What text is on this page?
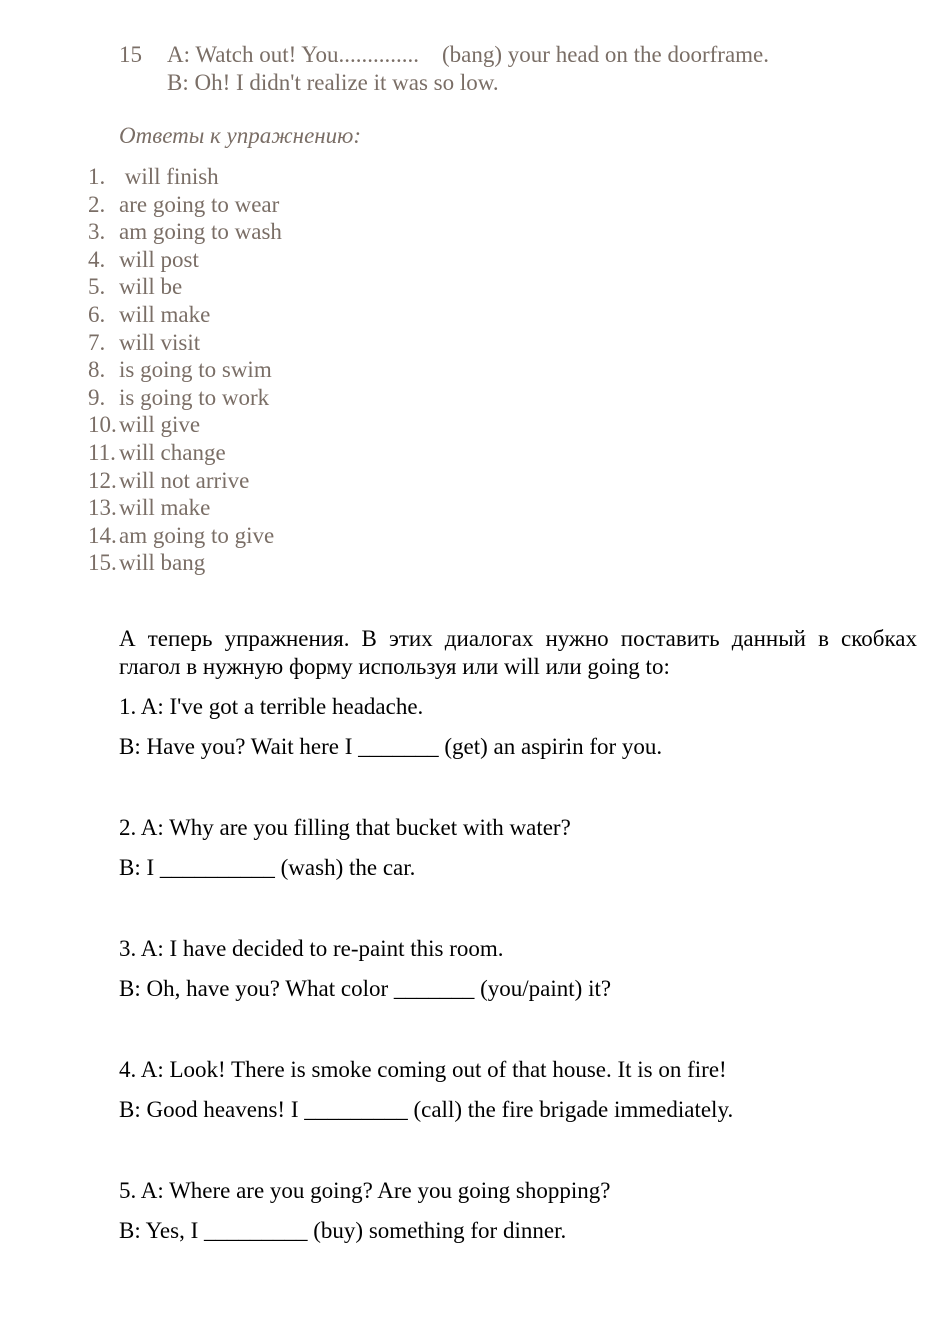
15	A: Watch out! You..............    (bang) your head on the doorframe.
B: Oh! I didn't realize it was so low.
Ответы к упражнению:
1. will finish
2. are going to wear
3. am going to wash
4. will post
5. will be
6. will make
7. will visit
8. is going to swim
9. is going to work
10. will give
11. will change
12. will not arrive
13. will make
14. am going to give
15. will bang
А теперь упражнения. В этих диалогах нужно поставить данный в скобках глагол в нужную форму используя или will или going to:
1. A: I've got a terrible headache.
B: Have you? Wait here I _______ (get) an aspirin for you.
2. A: Why are you filling that bucket with water?
B: I __________ (wash) the car.
3. A: I have decided to re-paint this room.
B: Oh, have you? What color _______ (you/paint) it?
4. A: Look! There is smoke coming out of that house. It is on fire!
B: Good heavens! I _________ (call) the fire brigade immediately.
5. A: Where are you going? Are you going shopping?
B: Yes, I _________ (buy) something for dinner.
